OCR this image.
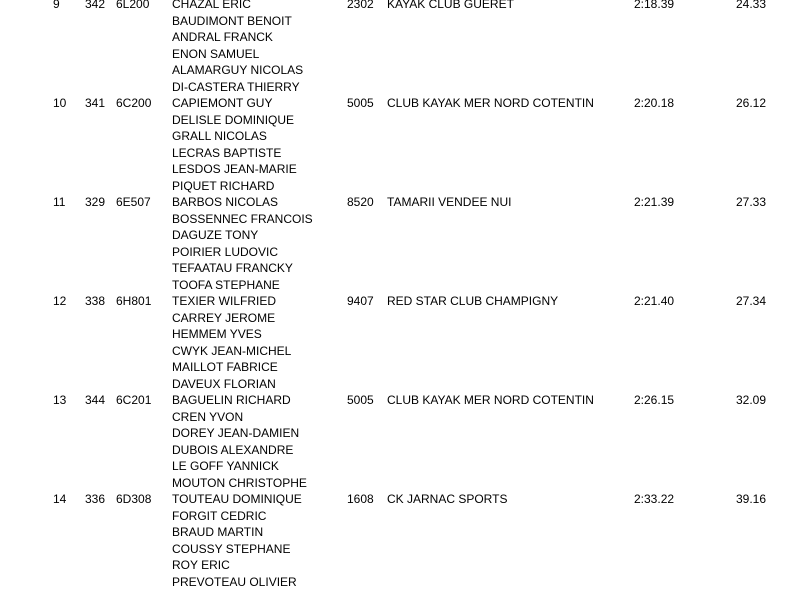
9 342 6L200	2302 KAYAK CLUB GUERET	2:18.39	24.33
CHAZAL ERIC
BAUDIMONT BENOIT
ANDRAL FRANCK
ENON SAMUEL
ALAMARGUY NICOLAS
DI-CASTERA THIERRY
10 341 6C200	5005 CLUB KAYAK MER NORD COTENTIN	2:20.18	26.12
CAPIEMONT GUY
DELISLE DOMINIQUE
GRALL NICOLAS
LECRAS BAPTISTE
LESDOS JEAN-MARIE
PIQUET RICHARD
11 329 6E507	8520 TAMARII VENDEE NUI	2:21.39	27.33
BARBOS NICOLAS
BOSSENNEC FRANCOIS
DAGUZE TONY
POIRIER LUDOVIC
TEFAATAU FRANCKY
TOOFA STEPHANE
12 338 6H801	9407 RED STAR CLUB CHAMPIGNY	2:21.40	27.34
TEXIER WILFRIED
CARREY JEROME
HEMMEM YVES
CWYK JEAN-MICHEL
MAILLOT FABRICE
DAVEUX FLORIAN
13 344 6C201	5005 CLUB KAYAK MER NORD COTENTIN	2:26.15	32.09
BAGUELIN RICHARD
CREN YVON
DOREY JEAN-DAMIEN
DUBOIS ALEXANDRE
LE GOFF YANNICK
MOUTON CHRISTOPHE
14 336 6D308	1608 CK JARNAC SPORTS	2:33.22	39.16
TOUTEAU DOMINIQUE
FORGIT CEDRIC
BRAUD MARTIN
COUSSY STEPHANE
ROY ERIC
PREVOTEAU OLIVIER
